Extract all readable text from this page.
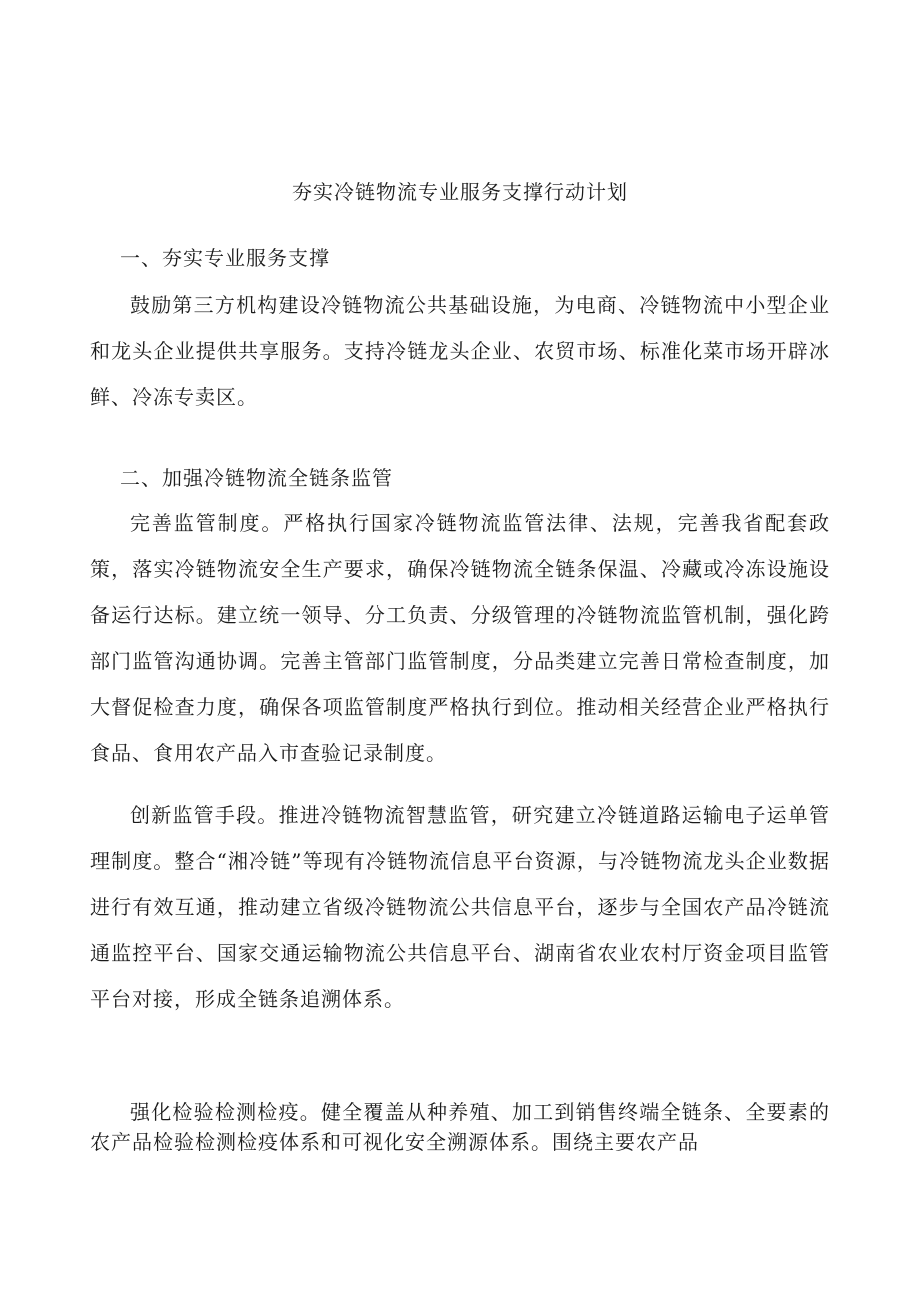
夯实冷链物流专业服务支撑行动计划
一、夯实专业服务支撑

鼓励第三方机构建设冷链物流公共基础设施，为电商、冷链物流中小型企业和龙头企业提供共享服务。支持冷链龙头企业、农贸市场、标准化菜市场开辟冰鲜、冷冻专卖区。

二、加强冷链物流全链条监管

完善监管制度。严格执行国家冷链物流监管法律、法规，完善我省配套政策，落实冷链物流安全生产要求，确保冷链物流全链条保温、冷藏或冷冻设施设备运行达标。建立统一领导、分工负责、分级管理的冷链物流监管机制，强化跨部门监管沟通协调。完善主管部门监管制度，分品类建立完善日常检查制度，加大督促检查力度，确保各项监管制度严格执行到位。推动相关经营企业严格执行食品、食用农产品入市查验记录制度。

创新监管手段。推进冷链物流智慧监管，研究建立冷链道路运输电子运单管理制度。整合“湘冷链”等现有冷链物流信息平台资源，与冷链物流龙头企业数据进行有效互通，推动建立省级冷链物流公共信息平台，逐步与全国农产品冷链流通监控平台、国家交通运输物流公共信息平台、湖南省农业农村厅资金项目监管平台对接，形成全链条追溯体系。

强化检验检测检疫。健全覆盖从种养殖、加工到销售终端全链条、全要素的农产品检验检测检疫体系和可视化安全溯源体系。围绕主要农产品
